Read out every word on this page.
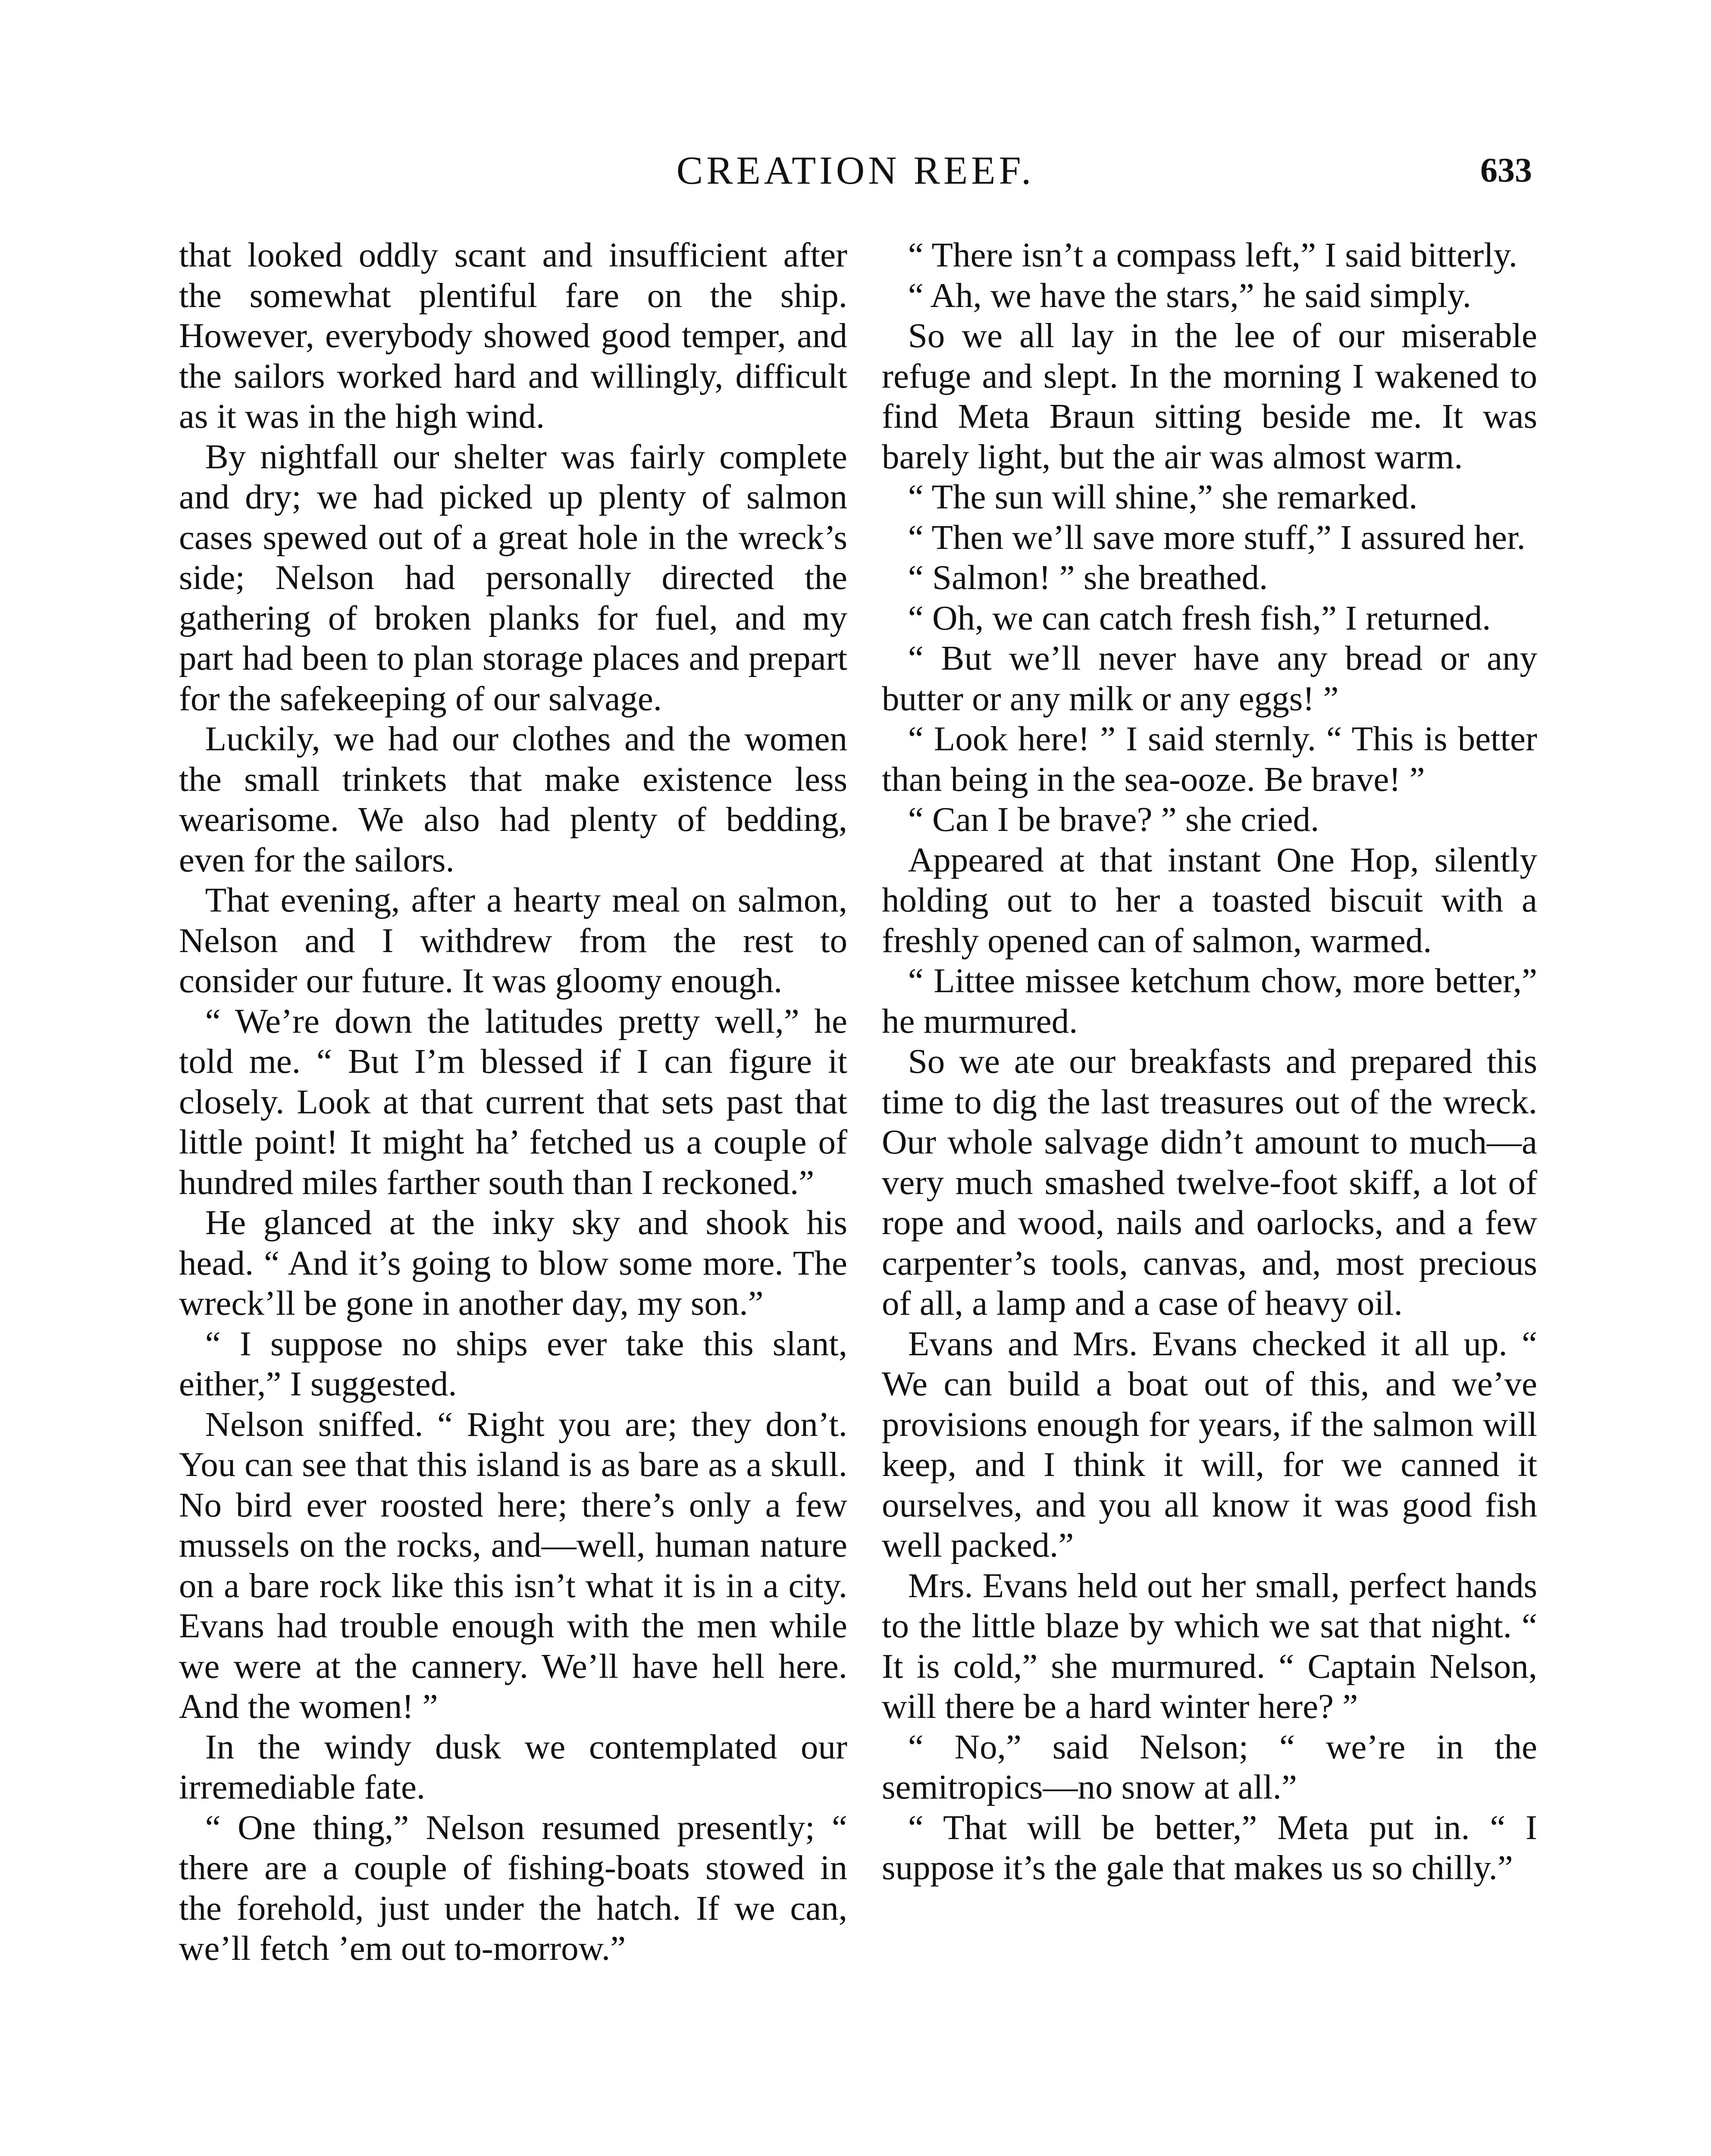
CREATION REEF.	633

that looked oddly scant and insufficient after the somewhat plentiful fare on the ship. However, everybody showed good temper, and the sailors worked hard and willingly, difficult as it was in the high wind.

By nightfall our shelter was fairly complete and dry; we had picked up plenty of salmon cases spewed out of a great hole in the wreck’s side; Nelson had personally directed the gathering of broken planks for fuel, and my part had been to plan storage places and prepart for the safekeeping of our salvage.

Luckily, we had our clothes and the women the small trinkets that make existence less wearisome. We also had plenty of bedding, even for the sailors.

That evening, after a hearty meal on salmon, Nelson and I withdrew from the rest to consider our future. It was gloomy enough.

“ We’re down the latitudes pretty well,” he told me. “ But I’m blessed if I can figure it closely. Look at that current that sets past that little point! It might ha’ fetched us a couple of hundred miles farther south than I reckoned.”

He glanced at the inky sky and shook his head. “ And it’s going to blow some more. The wreck’ll be gone in another day, my son.”

“ I suppose no ships ever take this slant, either,” I suggested.

Nelson sniffed. “ Right you are; they don’t. You can see that this island is as bare as a skull. No bird ever roosted here; there’s only a few mussels on the rocks, and—well, human nature on a bare rock like this isn’t what it is in a city. Evans had trouble enough with the men while we were at the cannery. We’ll have hell here. And the women! ”

In the windy dusk we contemplated our irremediable fate.

“ One thing,” Nelson resumed presently; “ there are a couple of fishing-boats stowed in the forehold, just under the hatch. If we can, we’ll fetch ’em out to-morrow.”

“ There isn’t a compass left,” I said bitterly.

“ Ah, we have the stars,” he said simply.

So we all lay in the lee of our miserable refuge and slept. In the morning I wakened to find Meta Braun sitting beside me. It was barely light, but the air was almost warm.

“ The sun will shine,” she remarked.

“ Then we’ll save more stuff,” I assured her.

“ Salmon! ” she breathed.

“ Oh, we can catch fresh fish,” I returned.

“ But we’ll never have any bread or any butter or any milk or any eggs! ”

“ Look here! ” I said sternly. “ This is better than being in the sea-ooze. Be brave! ”

“ Can I be brave? ” she cried.

Appeared at that instant One Hop, silently holding out to her a toasted biscuit with a freshly opened can of salmon, warmed.

“ Littee missee ketchum chow, more better,” he murmured.

So we ate our breakfasts and prepared this time to dig the last treasures out of the wreck. Our whole salvage didn’t amount to much—a very much smashed twelve-foot skiff, a lot of rope and wood, nails and oarlocks, and a few carpenter’s tools, canvas, and, most precious of all, a lamp and a case of heavy oil.

Evans and Mrs. Evans checked it all up. “ We can build a boat out of this, and we’ve provisions enough for years, if the salmon will keep, and I think it will, for we canned it ourselves, and you all know it was good fish well packed.”

Mrs. Evans held out her small, perfect hands to the little blaze by which we sat that night. “ It is cold,” she murmured. “ Captain Nelson, will there be a hard winter here? ”

“ No,” said Nelson; “ we’re in the semitropics—no snow at all.”

“ That will be better,” Meta put in. “ I suppose it’s the gale that makes us so chilly.”
